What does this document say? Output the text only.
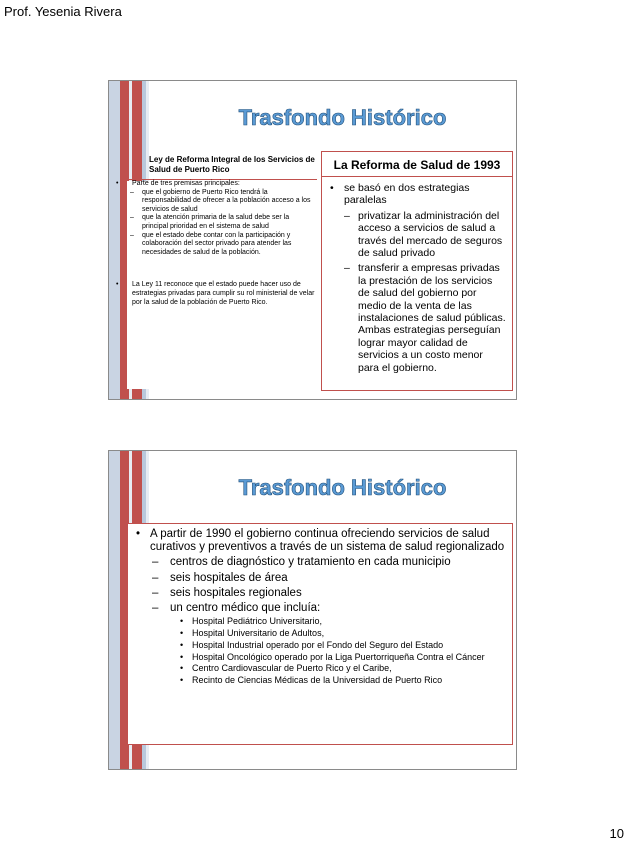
Prof. Yesenia Rivera
Trasfondo Histórico
Ley de Reforma Integral de los Servicios de Salud de Puerto Rico	La Reforma de Salud de 1993
• se basó en dos estrategias paralelas
– privatizar la administración del acceso a servicios de salud a través del mercado de seguros de salud privado
– transferir a empresas privadas la prestación de los servicios de salud del gobierno por medio de la venta de las instalaciones de salud públicas. Ambas estrategias perseguían lograr mayor calidad de servicios a un costo menor para el gobierno.
• Parte de tres premisas principales:
– que el gobierno de Puerto Rico tendrá la responsabilidad de ofrecer a la población acceso a los servicios de salud
– que la atención primaria de la salud debe ser la principal prioridad en el sistema de salud
– que el estado debe contar con la participación y colaboración del sector privado para atender las necesidades de salud de la población.
• La Ley 11 reconoce que el estado puede hacer uso de estrategias privadas para cumplir su rol ministerial de velar por la salud de la población de Puerto Rico.
Trasfondo Histórico
• A partir de 1990 el gobierno continua ofreciendo servicios de salud curativos y preventivos a través de un sistema de salud regionalizado
– centros de diagnóstico y tratamiento en cada municipio
– seis hospitales de área
– seis hospitales regionales
– un centro médico que incluía:
• Hospital Pediátrico Universitario,
• Hospital Universitario de Adultos,
• Hospital Industrial operado por el Fondo del Seguro del Estado
• Hospital Oncológico operado por la Liga Puertorriqueña Contra el Cáncer
• Centro Cardiovascular de Puerto Rico y el Caribe,
• Recinto de Ciencias Médicas de la Universidad de Puerto Rico
10
